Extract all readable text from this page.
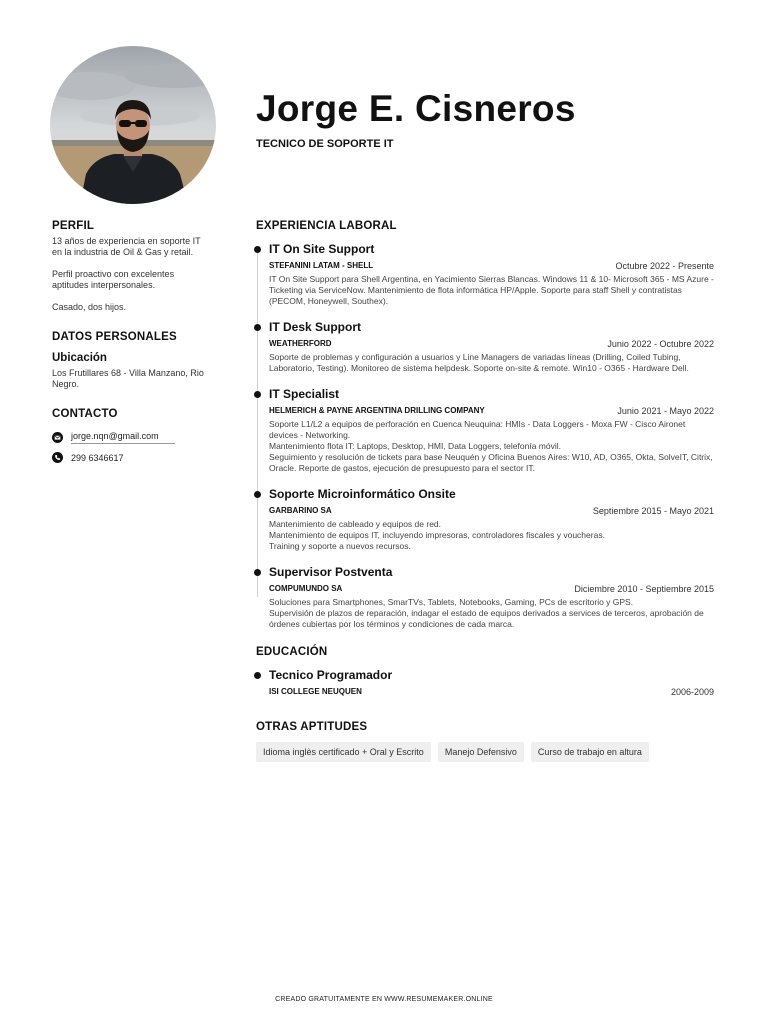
Jorge E. Cisneros
TECNICO DE SOPORTE IT
PERFIL
13 años de experiencia en soporte IT en la industria de Oil & Gas y retail.
Perfil proactivo con excelentes aptitudes interpersonales.
Casado, dos hijos.
DATOS PERSONALES
Ubicación
Los Frutillares 68 - Villa Manzano, Rio Negro.
CONTACTO
jorge.nqn@gmail.com
299 6346617
EXPERIENCIA LABORAL
IT On Site Support
STEFANINI LATAM - SHELL	Octubre 2022 - Presente
IT On Site Support para Shell Argentina, en Yacimiento Sierras Blancas. Windows 11 & 10- Microsoft 365 - MS Azure - Ticketing via ServiceNow. Mantenimiento de flota informática HP/Apple. Soporte para staff Shell y contratistas (PECOM, Honeywell, Southex).
IT Desk Support
WEATHERFORD	Junio 2022 - Octubre 2022
Soporte de problemas y configuración a usuarios y Line Managers de variadas líneas (Drilling, Coiled Tubing, Laboratorio, Testing). Monitoreo de sistema helpdesk. Soporte on-site & remote. Win10 - O365 - Hardware Dell.
IT Specialist
HELMERICH & PAYNE ARGENTINA DRILLING COMPANY	Junio 2021 - Mayo 2022
Soporte L1/L2 a equipos de perforación en Cuenca Neuquina: HMIs - Data Loggers - Moxa FW - Cisco Aironet devices - Networking.
Mantenimiento flota IT: Laptops, Desktop, HMI, Data Loggers, telefonía móvil.
Seguimiento y resolución de tickets para base Neuquén y Oficina Buenos Aires: W10, AD, O365, Okta, SolveIT, Citrix, Oracle. Reporte de gastos, ejecución de presupuesto para el sector IT.
Soporte Microinformático Onsite
GARBARINO SA	Septiembre 2015 - Mayo 2021
Mantenimiento de cableado y equipos de red.
Mantenimiento de equipos IT, incluyendo impresoras, controladores fiscales y voucheras.
Training y soporte a nuevos recursos.
Supervisor Postventa
COMPUMUNDO SA	Diciembre 2010 - Septiembre 2015
Soluciones para Smartphones, SmarTVs, Tablets, Notebooks, Gaming, PCs de escritorio y GPS.
Supervisión de plazos de reparación, indagar el estado de equipos derivados a services de terceros, aprobación de órdenes cubiertas por los términos y condiciones de cada marca.
EDUCACIÓN
Tecnico Programador
ISI COLLEGE NEUQUEN	2006-2009
OTRAS APTITUDES
Idioma inglès certificado + Oral y Escrito	Manejo Defensivo	Curso de trabajo en altura
CREADO GRATUITAMENTE EN WWW.RESUMEMAKER.ONLINE
